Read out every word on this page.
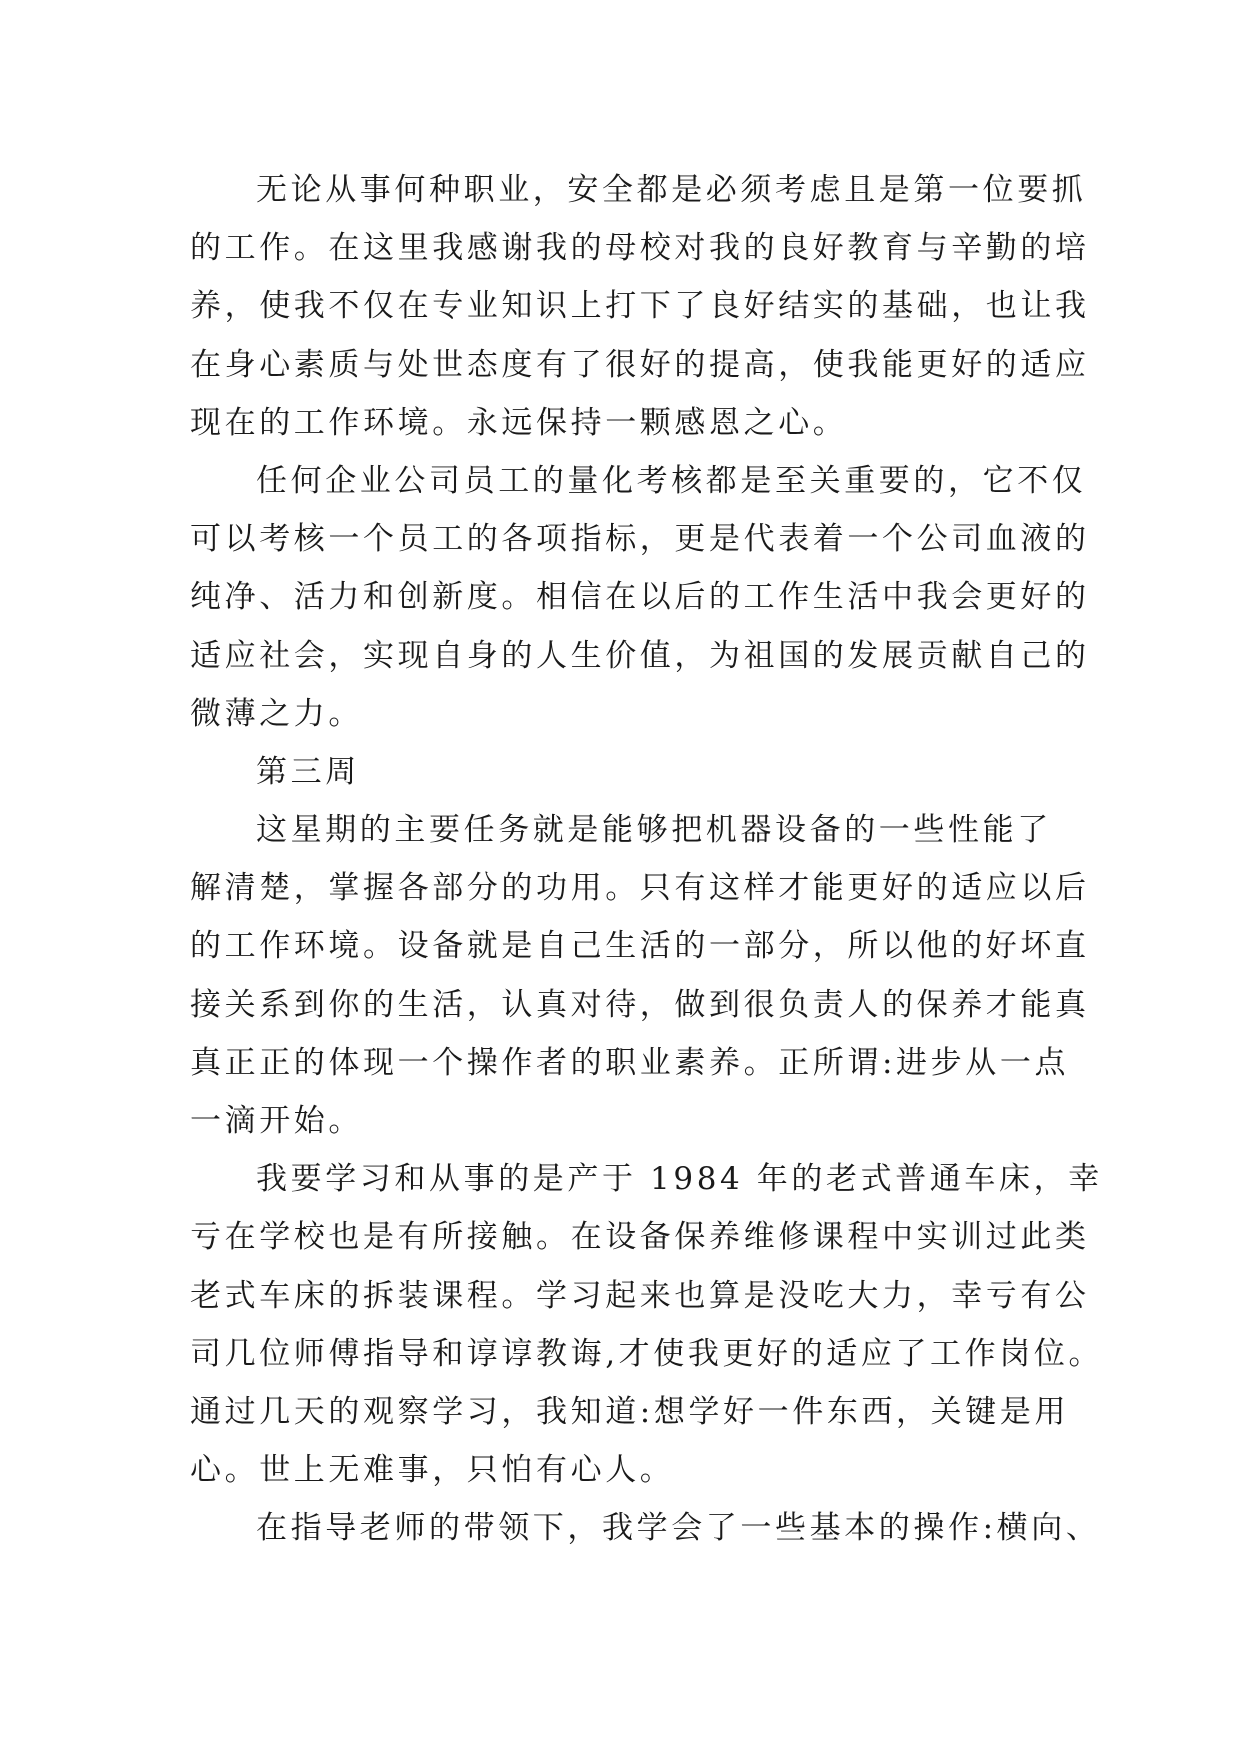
无论从事何种职业，安全都是必须考虑且是第一位要抓
的工作。在这里我感谢我的母校对我的良好教育与辛勤的培
养，使我不仅在专业知识上打下了良好结实的基础，也让我
在身心素质与处世态度有了很好的提高，使我能更好的适应
现在的工作环境。永远保持一颗感恩之心。

任何企业公司员工的量化考核都是至关重要的，它不仅
可以考核一个员工的各项指标，更是代表着一个公司血液的
纯净、活力和创新度。相信在以后的工作生活中我会更好的
适应社会，实现自身的人生价值，为祖国的发展贡献自己的
微薄之力。

第三周

这星期的主要任务就是能够把机器设备的一些性能了
解清楚，掌握各部分的功用。只有这样才能更好的适应以后
的工作环境。设备就是自己生活的一部分，所以他的好坏直
接关系到你的生活，认真对待，做到很负责人的保养才能真
真正正的体现一个操作者的职业素养。正所谓:进步从一点
一滴开始。

我要学习和从事的是产于 1984 年的老式普通车床，幸
亏在学校也是有所接触。在设备保养维修课程中实训过此类
老式车床的拆装课程。学习起来也算是没吃大力，幸亏有公
司几位师傅指导和谆谆教诲,才使我更好的适应了工作岗位。
通过几天的观察学习，我知道:想学好一件东西，关键是用
心。世上无难事，只怕有心人。

在指导老师的带领下，我学会了一些基本的操作:横向、
